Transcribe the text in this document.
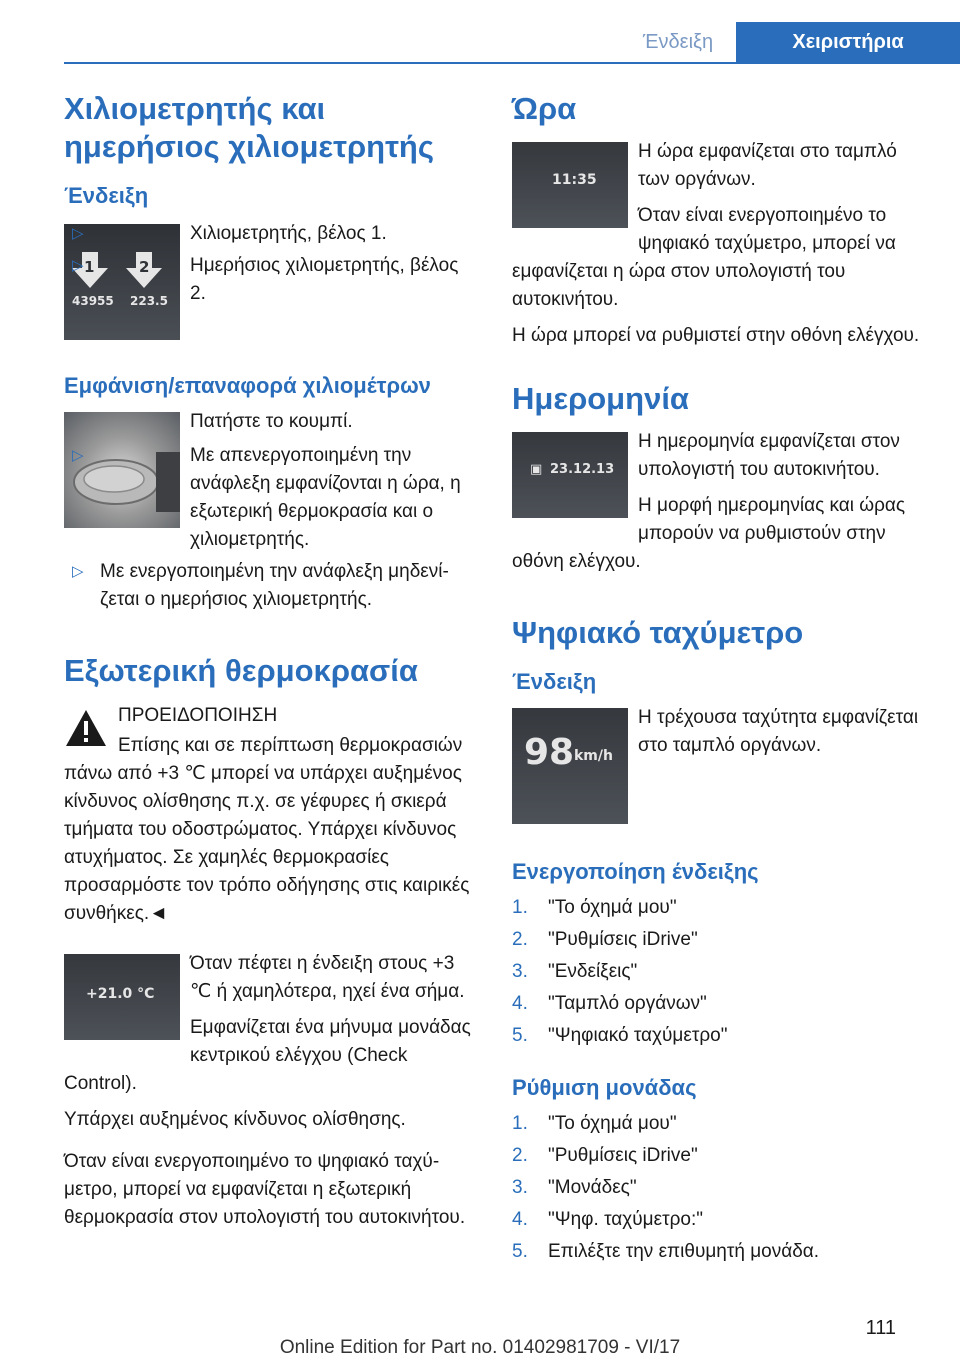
Ένδειξη	Χειριστήρια
Χιλιομετρητής και ημερήσιος χιλιομετρητής
Ένδειξη
1	2
43955 223.5
▷	Χιλιομετρητής, βέλος 1.
▷	Ημερήσιος χιλιομετρητής, βέλος 2.
Εμφάνιση/επαναφορά χιλιομέτρων

Πατήστε το κουμπί.

▷	Με απενεργοποιημένη την ανάφλεξη εμφανίζονται η ώρα, η εξωτερική θερμοκρασία και ο χιλιομετρητής.
▷ Με ενεργοποιημένη την ανάφλεξη μηδενίζεται ο ημερήσιος χιλιομετρητής.
Εξωτερική θερμοκρασία

ΠΡΟΕΙΔΟΠΟΙΗΣΗ

Επίσης και σε περίπτωση θερμοκρασιών πάνω από +3 ℃ μπορεί να υπάρχει αυξημένος κίνδυνος ολίσθησης π.χ. σε γέφυρες ή σκιερά τμήματα του οδοστρώματος. Υπάρχει κίνδυνος ατυχήματος. Σε χαμηλές θερμοκρασίες προσαρμόστε τον τρόπο οδήγησης στις καιρικές συνθήκες.◄

+21.0 °C

Όταν πέφτει η ένδειξη στους +3 ℃ ή χαμηλότερα, ηχεί ένα σήμα.

Εμφανίζεται ένα μήνυμα μονάδας κεντρικού ελέγχου (Check Control).

Υπάρχει αυξημένος κίνδυνος ολίσθησης.

Όταν είναι ενεργοποιημένο το ψηφιακό ταχύμετρο, μπορεί να εμφανίζεται η εξωτερική θερμοκρασία στον υπολογιστή του αυτοκινήτου.

Ώρα
11:35

Η ώρα εμφανίζεται στο ταμπλό των οργάνων.

Όταν είναι ενεργοποιημένο το ψηφιακό ταχύμετρο, μπορεί να εμφανίζεται η ώρα στον υπολογιστή του αυτοκινήτου.

Η ώρα μπορεί να ρυθμιστεί στην οθόνη ελέγχου.

Ημερομηνία
▣ 23.12.13

Η ημερομηνία εμφανίζεται στον υπολογιστή του αυτοκινήτου.

Η μορφή ημερομηνίας και ώρας μπορούν να ρυθμιστούν στην οθόνη ελέγχου.

Ψηφιακό ταχύμετρο
Ένδειξη
98 km/h

Η τρέχουσα ταχύτητα εμφανίζεται στο ταμπλό οργάνων.

Ενεργοποίηση ένδειξης
1. "Το όχημά μου"
2. "Ρυθμίσεις iDrive"
3. "Ενδείξεις"
4. "Ταμπλό οργάνων"
5. "Ψηφιακό ταχύμετρο"
Ρύθμιση μονάδας
1. "Το όχημά μου"
2. "Ρυθμίσεις iDrive"
3. "Μονάδες"
4. "Ψηφ. ταχύμετρο:"
5. Επιλέξτε την επιθυμητή μονάδα.
111
Online Edition for Part no. 01402981709 - VI/17
